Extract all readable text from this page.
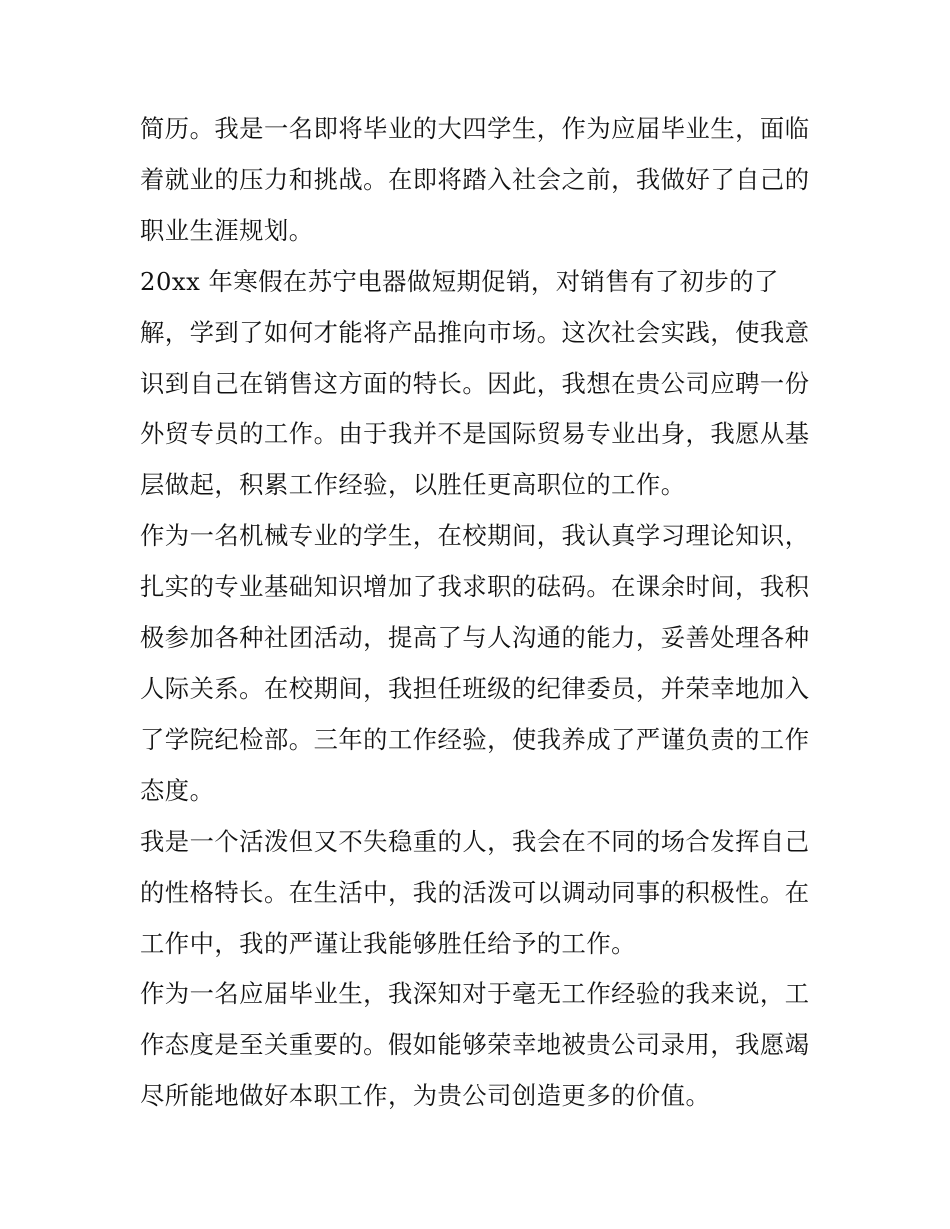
简历。我是一名即将毕业的大四学生，作为应届毕业生，面临
着就业的压力和挑战。在即将踏入社会之前，我做好了自己的
职业生涯规划。

20xx 年寒假在苏宁电器做短期促销，对销售有了初步的了
解，学到了如何才能将产品推向市场。这次社会实践，使我意
识到自己在销售这方面的特长。因此，我想在贵公司应聘一份
外贸专员的工作。由于我并不是国际贸易专业出身，我愿从基
层做起，积累工作经验，以胜任更高职位的工作。

作为一名机械专业的学生，在校期间，我认真学习理论知识，
扎实的专业基础知识增加了我求职的砝码。在课余时间，我积
极参加各种社团活动，提高了与人沟通的能力，妥善处理各种
人际关系。在校期间，我担任班级的纪律委员，并荣幸地加入
了学院纪检部。三年的工作经验，使我养成了严谨负责的工作
态度。

我是一个活泼但又不失稳重的人，我会在不同的场合发挥自己
的性格特长。在生活中，我的活泼可以调动同事的积极性。在
工作中，我的严谨让我能够胜任给予的工作。

作为一名应届毕业生，我深知对于毫无工作经验的我来说，工
作态度是至关重要的。假如能够荣幸地被贵公司录用，我愿竭
尽所能地做好本职工作，为贵公司创造更多的价值。
